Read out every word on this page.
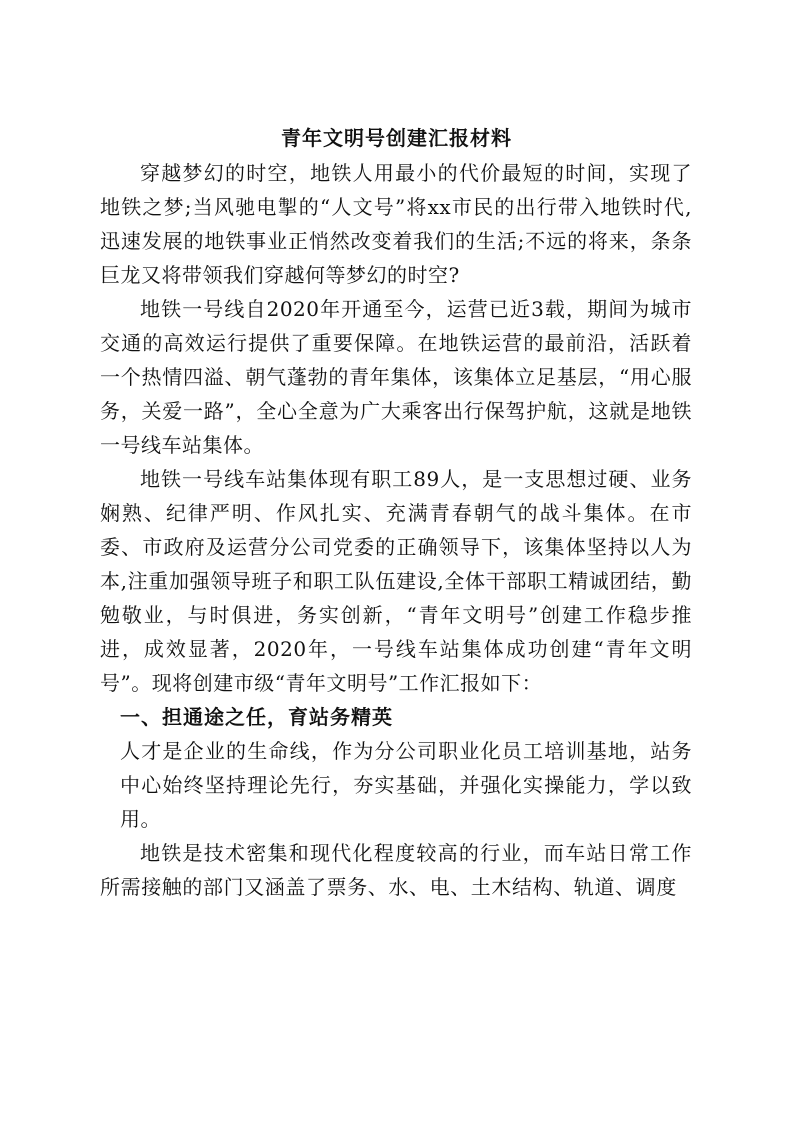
青年文明号创建汇报材料

穿越梦幻的时空，地铁人用最小的代价最短的时间，实现了地铁之梦;当风驰电掣的“人文号”将xx市民的出行带入地铁时代,迅速发展的地铁事业正悄然改变着我们的生活;不远的将来，条条巨龙又将带领我们穿越何等梦幻的时空?

地铁一号线自2020年开通至今，运营已近3载，期间为城市交通的高效运行提供了重要保障。在地铁运营的最前沿，活跃着一个热情四溢、朝气蓬勃的青年集体，该集体立足基层，“用心服务，关爱一路”，全心全意为广大乘客出行保驾护航，这就是地铁一号线车站集体。

地铁一号线车站集体现有职工89人，是一支思想过硬、业务娴熟、纪律严明、作风扎实、充满青春朝气的战斗集体。在市委、市政府及运营分公司党委的正确领导下，该集体坚持以人为本,注重加强领导班子和职工队伍建设,全体干部职工精诚团结，勤勉敬业，与时俱进，务实创新，“青年文明号”创建工作稳步推进，成效显著，2020年，一号线车站集体成功创建“青年文明号”。现将创建市级“青年文明号”工作汇报如下：

一、担通途之任，育站务精英

人才是企业的生命线，作为分公司职业化员工培训基地，站务中心始终坚持理论先行，夯实基础，并强化实操能力，学以致用。

地铁是技术密集和现代化程度较高的行业，而车站日常工作所需接触的部门又涵盖了票务、水、电、土木结构、轨道、调度
